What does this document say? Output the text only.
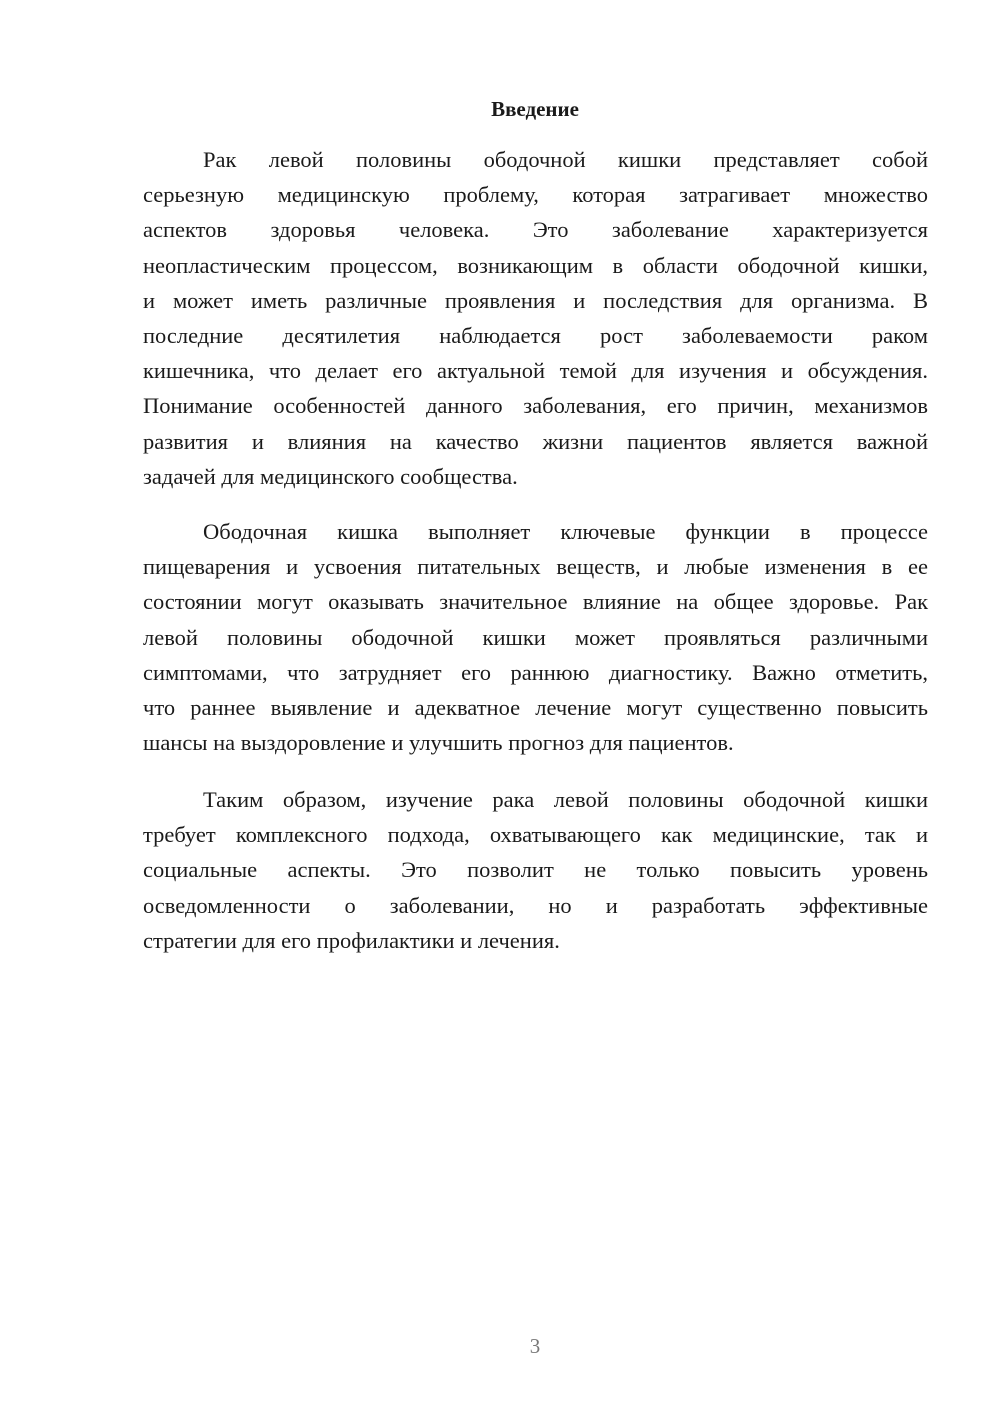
Введение
Рак левой половины ободочной кишки представляет собой
серьезную медицинскую проблему, которая затрагивает множество
аспектов здоровья человека. Это заболевание характеризуется
неопластическим процессом, возникающим в области ободочной кишки,
и может иметь различные проявления и последствия для организма. В
последние десятилетия наблюдается рост заболеваемости раком
кишечника, что делает его актуальной темой для изучения и обсуждения.
Понимание особенностей данного заболевания, его причин, механизмов
развития и влияния на качество жизни пациентов является важной
задачей для медицинского сообщества.
Ободочная кишка выполняет ключевые функции в процессе
пищеварения и усвоения питательных веществ, и любые изменения в ее
состоянии могут оказывать значительное влияние на общее здоровье. Рак
левой половины ободочной кишки может проявляться различными
симптомами, что затрудняет его раннюю диагностику. Важно отметить,
что раннее выявление и адекватное лечение могут существенно повысить
шансы на выздоровление и улучшить прогноз для пациентов.
Таким образом, изучение рака левой половины ободочной кишки
требует комплексного подхода, охватывающего как медицинские, так и
социальные аспекты. Это позволит не только повысить уровень
осведомленности о заболевании, но и разработать эффективные
стратегии для его профилактики и лечения.
3
